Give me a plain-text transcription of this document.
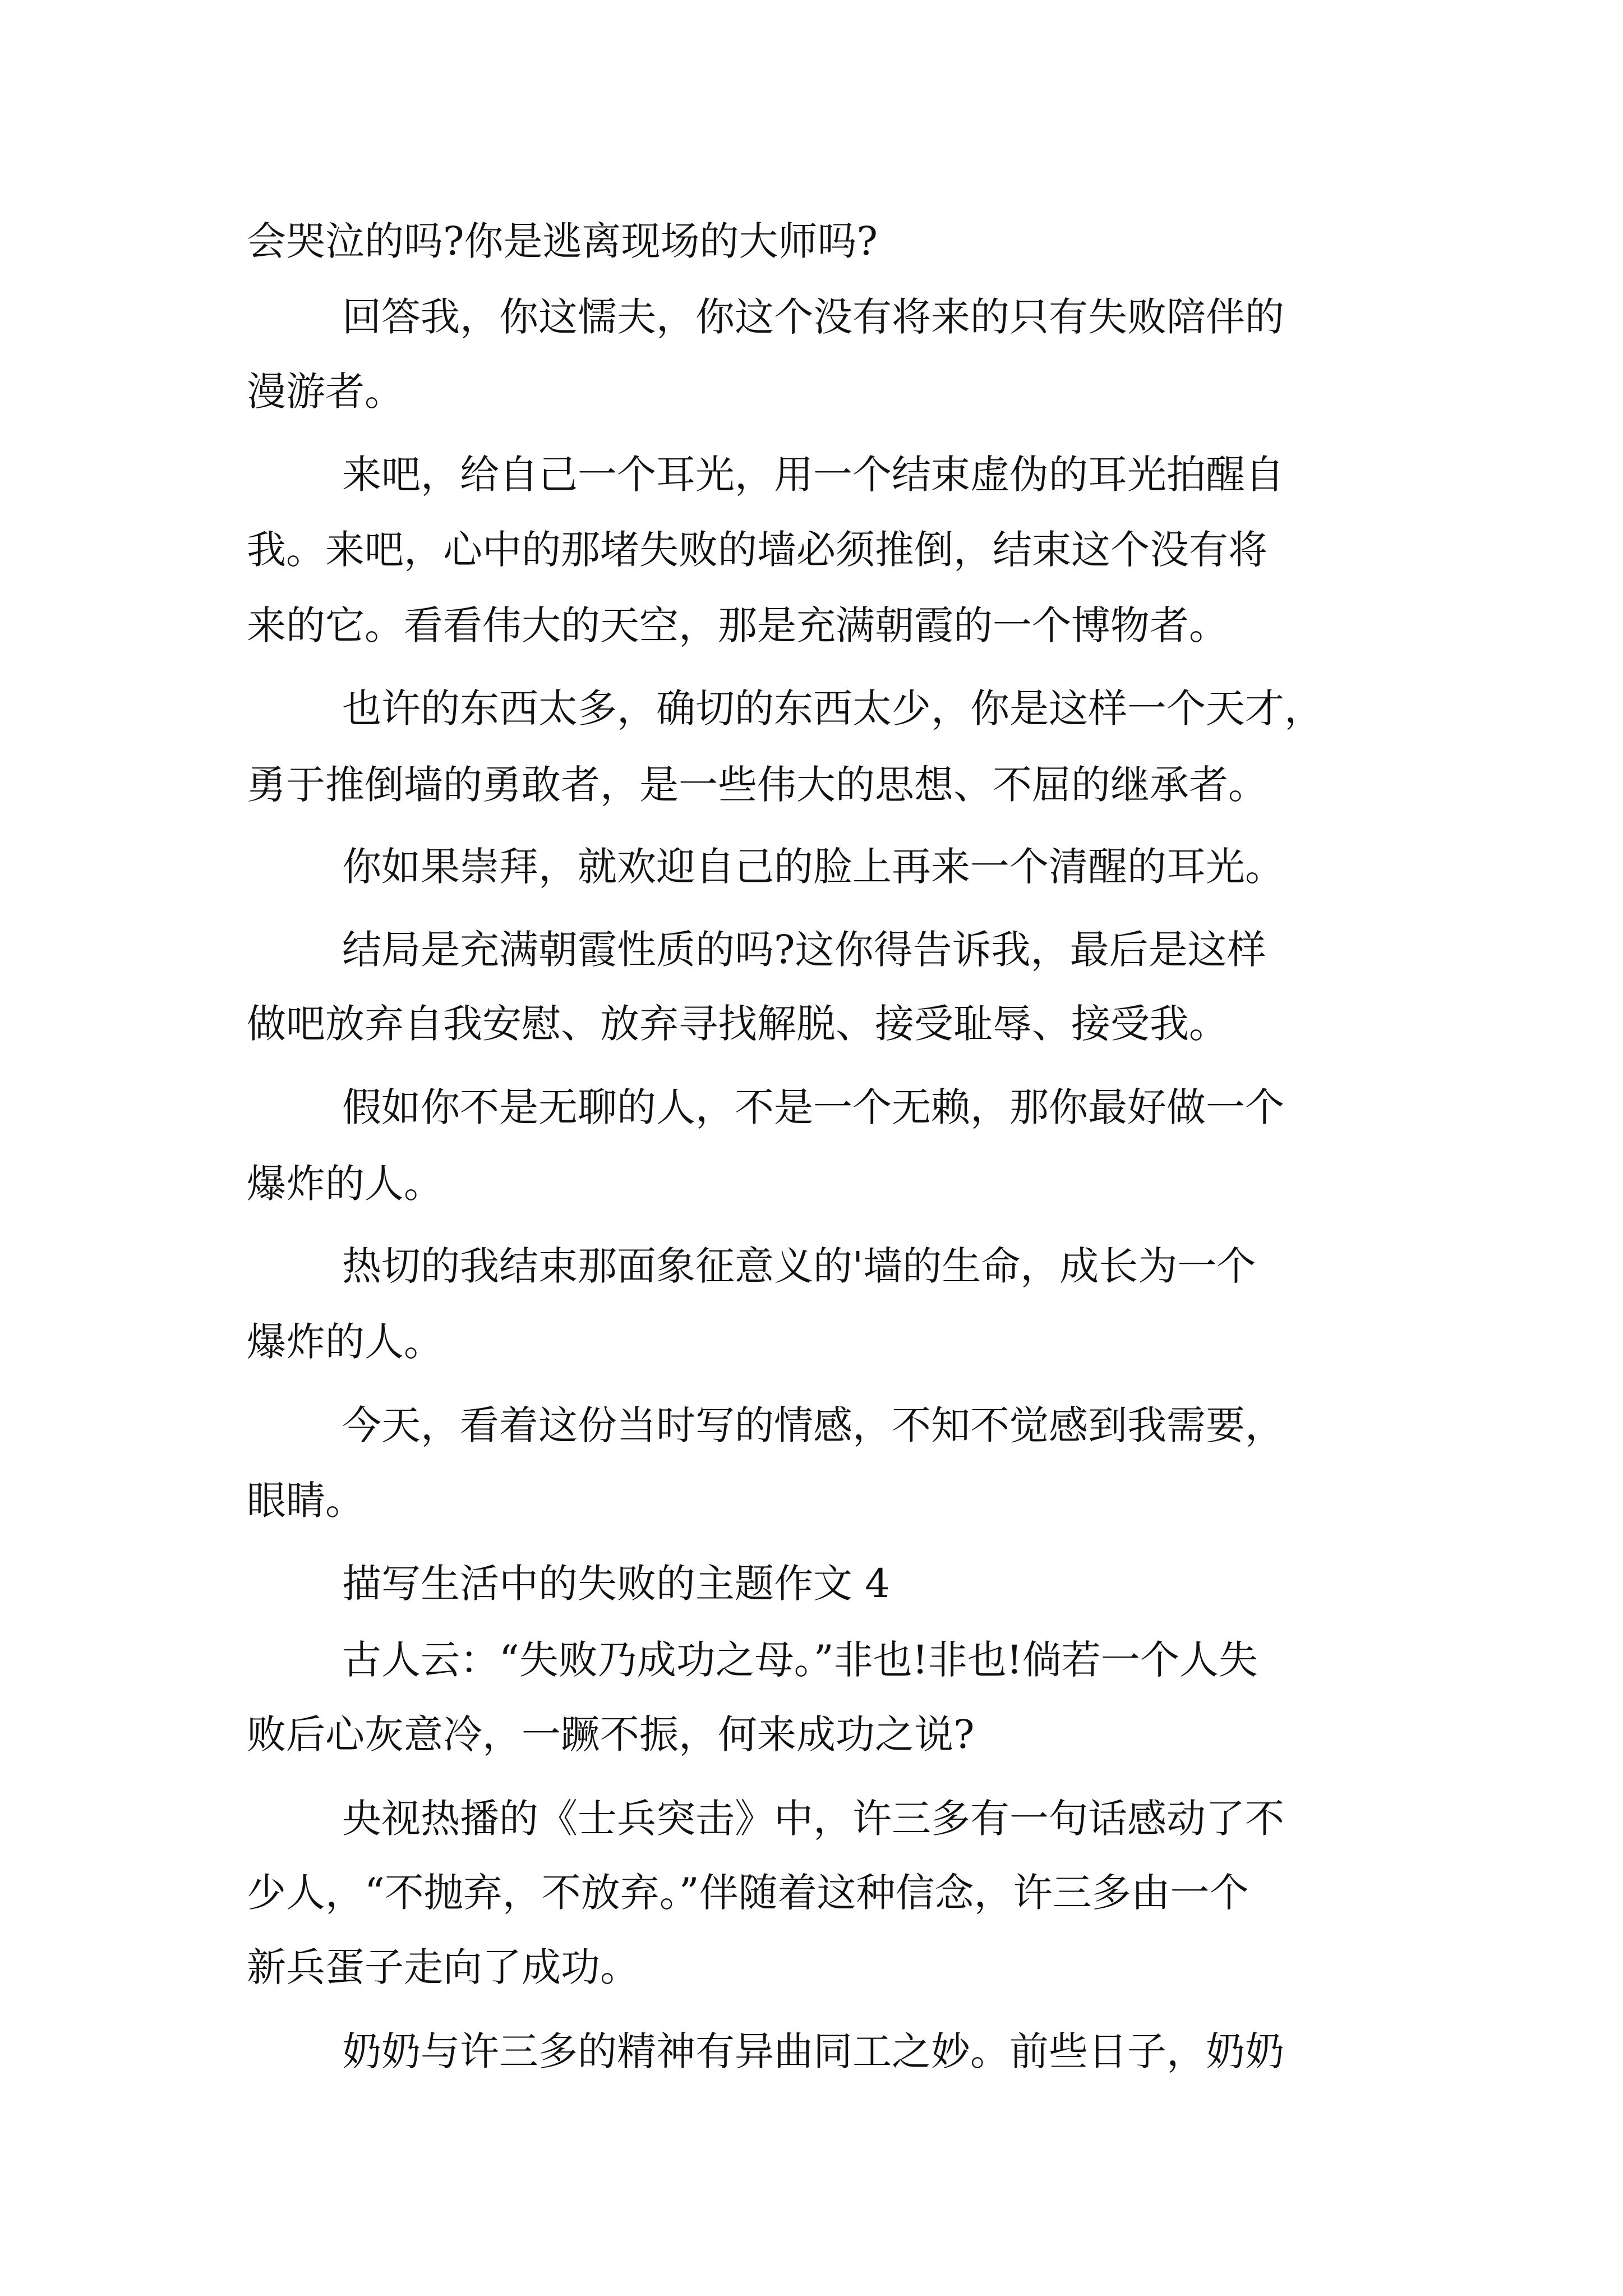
会哭泣的吗?你是逃离现场的大师吗?
回答我，你这懦夫，你这个没有将来的只有失败陪伴的
漫游者。
来吧，给自己一个耳光，用一个结束虚伪的耳光拍醒自
我。来吧，心中的那堵失败的墙必须推倒，结束这个没有将
来的它。看看伟大的天空，那是充满朝霞的一个博物者。
也许的东西太多，确切的东西太少，你是这样一个天才，
勇于推倒墙的勇敢者，是一些伟大的思想、不屈的继承者。
你如果崇拜，就欢迎自己的脸上再来一个清醒的耳光。
结局是充满朝霞性质的吗?这你得告诉我，最后是这样
做吧放弃自我安慰、放弃寻找解脱、接受耻辱、接受我。
假如你不是无聊的人，不是一个无赖，那你最好做一个
爆炸的人。
热切的我结束那面象征意义的'墙的生命，成长为一个
爆炸的人。
今天，看着这份当时写的情感，不知不觉感到我需要，
眼睛。
描写生活中的失败的主题作文 4
古人云：“失败乃成功之母。”非也!非也!倘若一个人失
败后心灰意冷，一蹶不振，何来成功之说?
央视热播的《士兵突击》中，许三多有一句话感动了不
少人，“不抛弃，不放弃。”伴随着这种信念，许三多由一个
新兵蛋子走向了成功。
奶奶与许三多的精神有异曲同工之妙。前些日子，奶奶
